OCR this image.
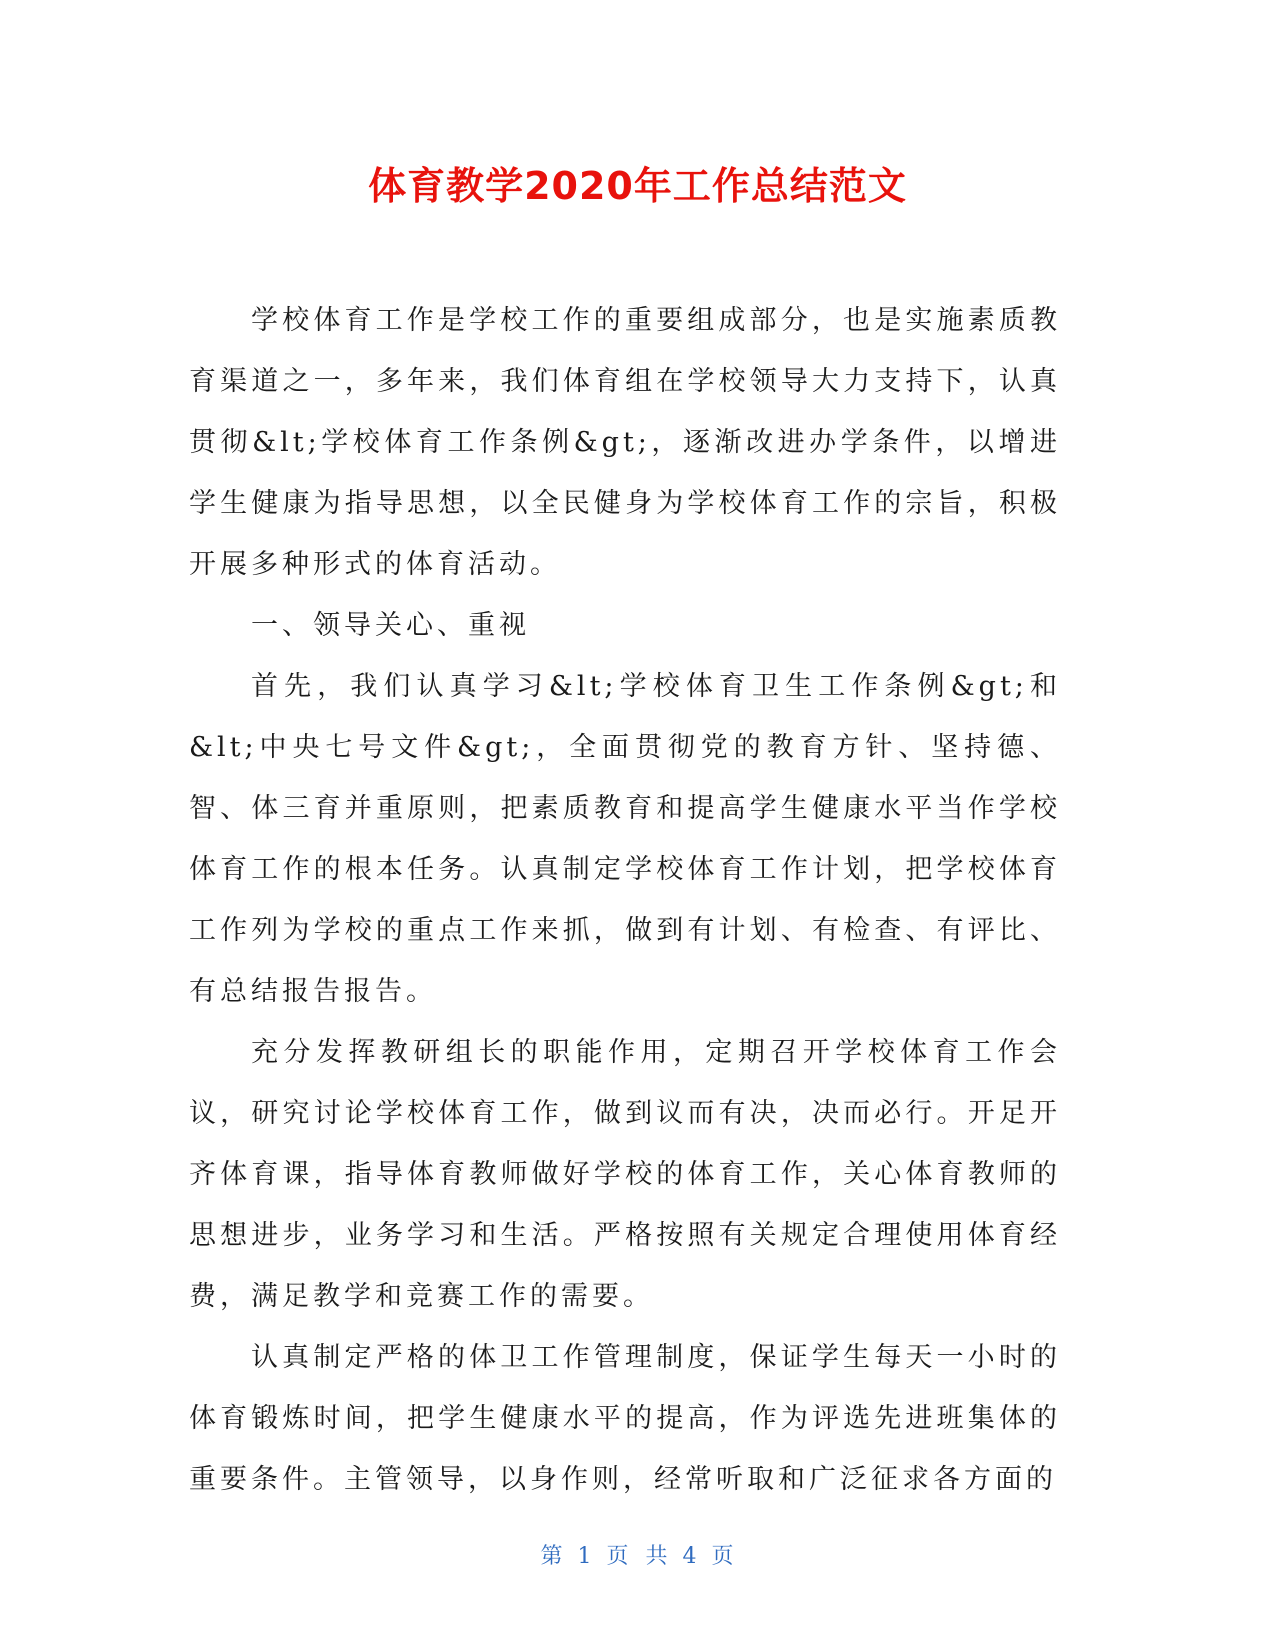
体育教学2020年工作总结范文

学校体育工作是学校工作的重要组成部分，也是实施素质教育渠道之一，多年来，我们体育组在学校领导大力支持下，认真贯彻&lt;学校体育工作条例&gt;，逐渐改进办学条件，以增进学生健康为指导思想，以全民健身为学校体育工作的宗旨，积极开展多种形式的体育活动。

一、领导关心、重视

首先，我们认真学习&lt;学校体育卫生工作条例&gt;和&lt;中央七号文件&gt;，全面贯彻党的教育方针、坚持德、智、体三育并重原则，把素质教育和提高学生健康水平当作学校体育工作的根本任务。认真制定学校体育工作计划，把学校体育工作列为学校的重点工作来抓，做到有计划、有检查、有评比、有总结报告报告。

充分发挥教研组长的职能作用，定期召开学校体育工作会议，研究讨论学校体育工作，做到议而有决，决而必行。开足开齐体育课，指导体育教师做好学校的体育工作，关心体育教师的思想进步，业务学习和生活。严格按照有关规定合理使用体育经费，满足教学和竞赛工作的需要。

认真制定严格的体卫工作管理制度，保证学生每天一小时的体育锻炼时间，把学生健康水平的提高，作为评选先进班集体的重要条件。主管领导，以身作则，经常听取和广泛征求各方面的

第 1 页 共 4 页
